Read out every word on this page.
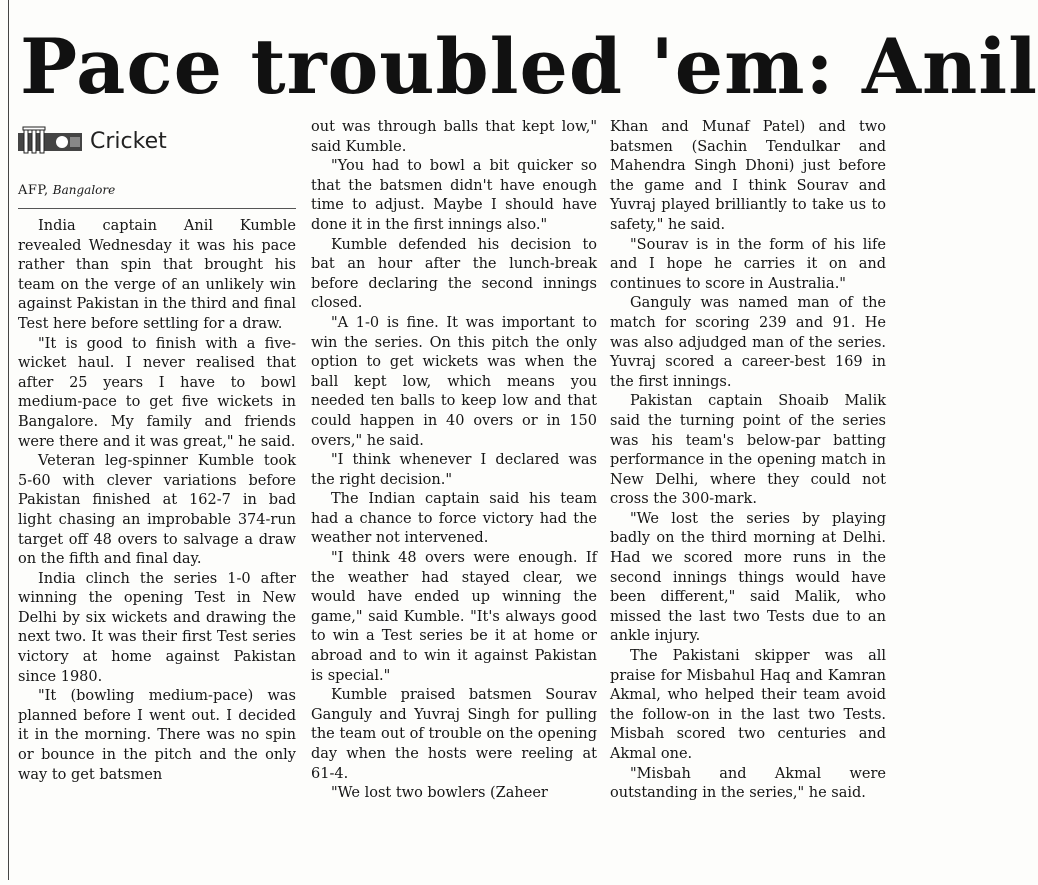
Pace troubled 'em: Anil
Cricket
AFP, Bangalore

India captain Anil Kumble revealed Wednesday it was his pace rather than spin that brought his team on the verge of an unlikely win against Pakistan in the third and final Test here before settling for a draw.

"It is good to finish with a five-wicket haul. I never realised that after 25 years I have to bowl medium-pace to get five wickets in Bangalore. My family and friends were there and it was great," he said.

Veteran leg-spinner Kumble took 5-60 with clever variations before Pakistan finished at 162-7 in bad light chasing an improbable 374-run target off 48 overs to salvage a draw on the fifth and final day.

India clinch the series 1-0 after winning the opening Test in New Delhi by six wickets and drawing the next two. It was their first Test series victory at home against Pakistan since 1980.

"It (bowling medium-pace) was planned before I went out. I decided it in the morning. There was no spin or bounce in the pitch and the only way to get batsmen

out was through balls that kept low," said Kumble.

"You had to bowl a bit quicker so that the batsmen didn't have enough time to adjust. Maybe I should have done it in the first innings also."

Kumble defended his decision to bat an hour after the lunch-break before declaring the second innings closed.

"A 1-0 is fine. It was important to win the series. On this pitch the only option to get wickets was when the ball kept low, which means you needed ten balls to keep low and that could happen in 40 overs or in 150 overs," he said.

"I think whenever I declared was the right decision."

The Indian captain said his team had a chance to force victory had the weather not intervened.

"I think 48 overs were enough. If the weather had stayed clear, we would have ended up winning the game," said Kumble. "It's always good to win a Test series be it at home or abroad and to win it against Pakistan is special."

Kumble praised batsmen Sourav Ganguly and Yuvraj Singh for pulling the team out of trouble on the opening day when the hosts were reeling at 61-4.

"We lost two bowlers (Zaheer

Khan and Munaf Patel) and two batsmen (Sachin Tendulkar and Mahendra Singh Dhoni) just before the game and I think Sourav and Yuvraj played brilliantly to take us to safety," he said.

"Sourav is in the form of his life and I hope he carries it on and continues to score in Australia."

Ganguly was named man of the match for scoring 239 and 91. He was also adjudged man of the series. Yuvraj scored a career-best 169 in the first innings.

Pakistan captain Shoaib Malik said the turning point of the series was his team's below-par batting performance in the opening match in New Delhi, where they could not cross the 300-mark.

"We lost the series by playing badly on the third morning at Delhi. Had we scored more runs in the second innings things would have been different," said Malik, who missed the last two Tests due to an ankle injury.

The Pakistani skipper was all praise for Misbahul Haq and Kamran Akmal, who helped their team avoid the follow-on in the last two Tests. Misbah scored two centuries and Akmal one.

"Misbah and Akmal were outstanding in the series," he said.
